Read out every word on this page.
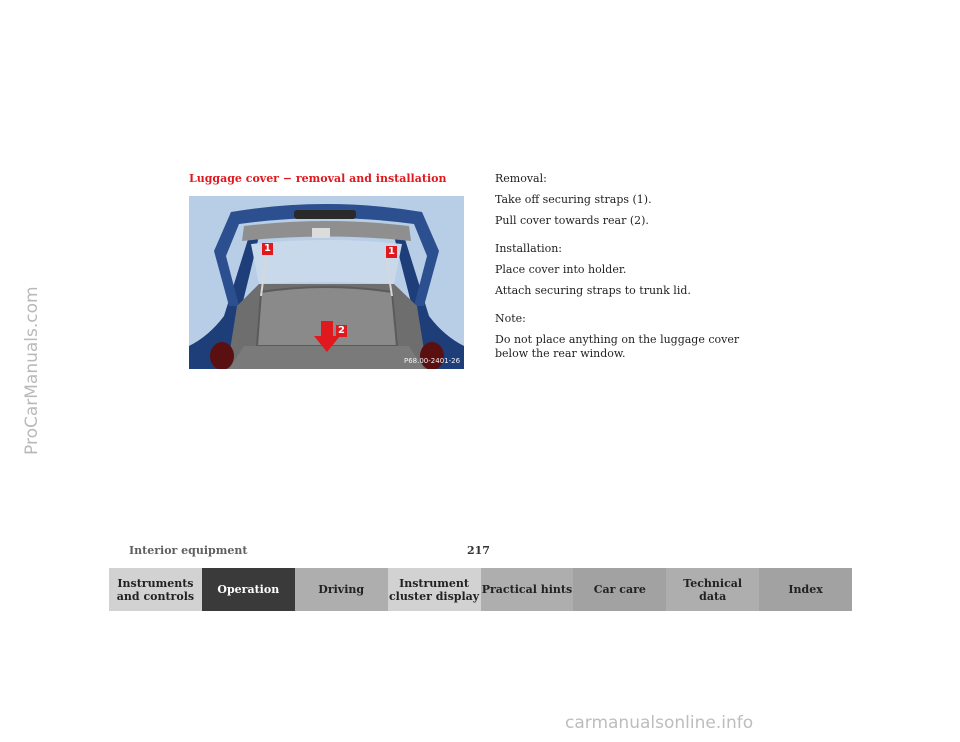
ProCarManuals.com
carmanualsonline.info
Luggage cover − removal and installation
1	1
2
P68.00-2401-26

Removal:

Take off securing straps (1).

Pull cover towards rear (2).

Installation:

Place cover into holder.

Attach securing straps to trunk lid.

Note:

Do not place anything on the luggage cover below the rear window.

Interior equipment	217
Instruments
and controls Operation	Driving	Instrument
cluster display Practical hints Car care	Technical
data	Index
